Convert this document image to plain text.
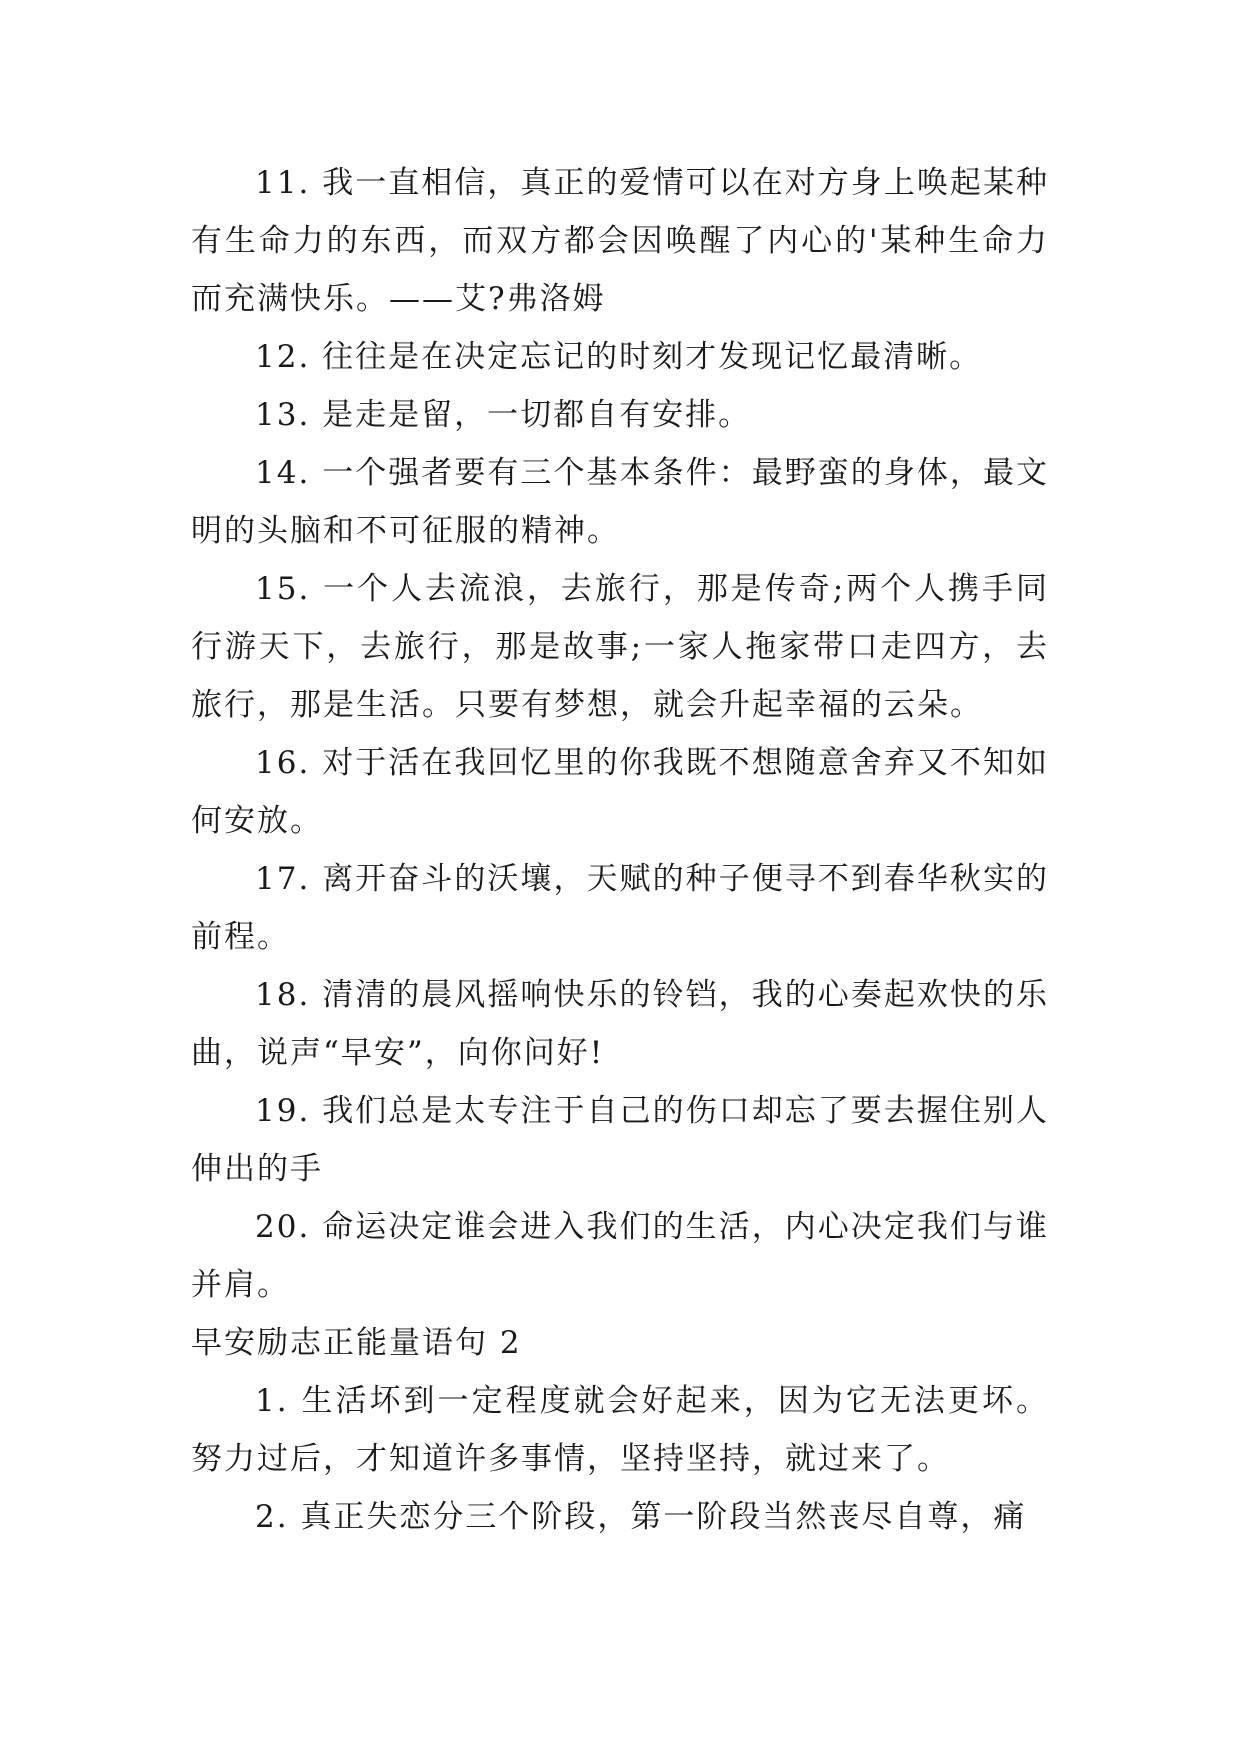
11. 我一直相信，真正的爱情可以在对方身上唤起某种有生命力的东西，而双方都会因唤醒了内心的'某种生命力而充满快乐。——艾?弗洛姆

12. 往往是在决定忘记的时刻才发现记忆最清晰。

13. 是走是留，一切都自有安排。

14. 一个强者要有三个基本条件：最野蛮的身体，最文明的头脑和不可征服的精神。

15. 一个人去流浪，去旅行，那是传奇;两个人携手同行游天下，去旅行，那是故事;一家人拖家带口走四方，去旅行，那是生活。只要有梦想，就会升起幸福的云朵。

16. 对于活在我回忆里的你我既不想随意舍弃又不知如何安放。

17. 离开奋斗的沃壤，天赋的种子便寻不到春华秋实的前程。

18. 清清的晨风摇响快乐的铃铛，我的心奏起欢快的乐曲，说声“早安”，向你问好!

19. 我们总是太专注于自己的伤口却忘了要去握住别人伸出的手

20. 命运决定谁会进入我们的生活，内心决定我们与谁并肩。

早安励志正能量语句 2

1. 生活坏到一定程度就会好起来，因为它无法更坏。努力过后，才知道许多事情，坚持坚持，就过来了。

2. 真正失恋分三个阶段，第一阶段当然丧尽自尊，痛
